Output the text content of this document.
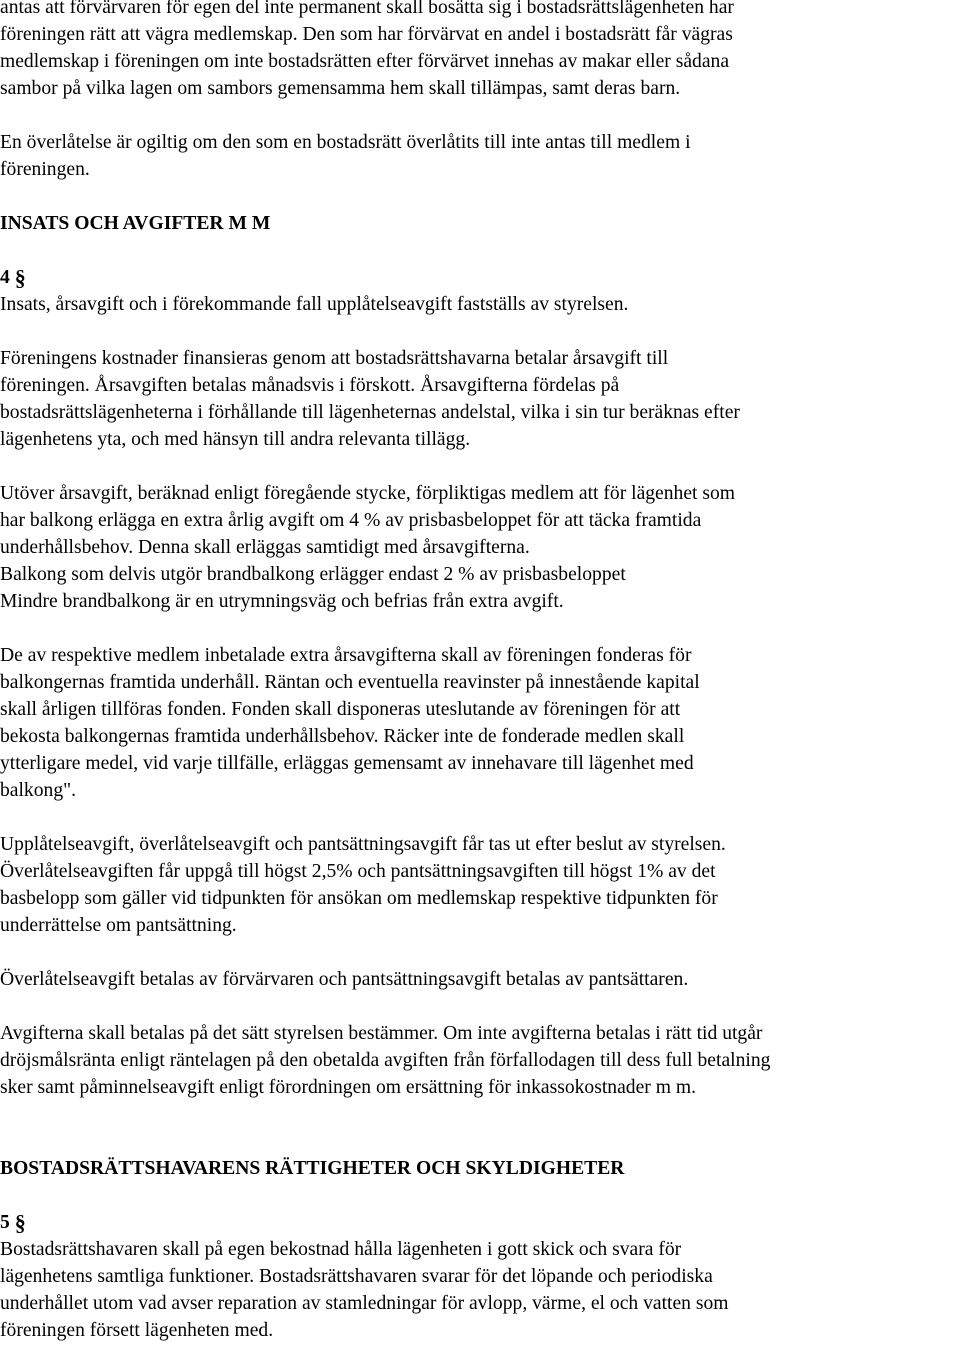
antas att förvärvaren för egen del inte permanent skall bosätta sig i bostadsrättslägenheten har
föreningen rätt att vägra medlemskap. Den som har förvärvat en andel i bostadsrätt får vägras
medlemskap i föreningen om inte bostadsrätten efter förvärvet innehas av makar eller sådana
sambor på vilka lagen om sambors gemensamma hem skall tillämpas, samt deras barn.

En överlåtelse är ogiltig om den som en bostadsrätt överlåtits till inte antas till medlem i
föreningen.

INSATS OCH AVGIFTER M M

4 §

Insats, årsavgift och i förekommande fall upplåtelseavgift fastställs av styrelsen.

Föreningens kostnader finansieras genom att bostadsrättshavarna betalar årsavgift till
föreningen. Årsavgiften betalas månadsvis i förskott. Årsavgifterna fördelas på
bostadsrättslägenheterna i förhållande till lägenheternas andelstal, vilka i sin tur beräknas efter
lägenhetens yta, och med hänsyn till andra relevanta tillägg.

Utöver årsavgift, beräknad enligt föregående stycke, förpliktigas medlem att för lägenhet som
har balkong erlägga en extra årlig avgift om 4 % av prisbasbeloppet för att täcka framtida
underhållsbehov. Denna skall erläggas samtidigt med årsavgifterna.
Balkong som delvis utgör brandbalkong erlägger endast 2 % av prisbasbeloppet
Mindre brandbalkong är en utrymningsväg och befrias från extra avgift.

De av respektive medlem inbetalade extra årsavgifterna skall av föreningen fonderas för
balkongernas framtida underhåll. Räntan och eventuella reavinster på innestående kapital
skall årligen tillföras fonden. Fonden skall disponeras uteslutande av föreningen för att
bekosta balkongernas framtida underhållsbehov. Räcker inte de fonderade medlen skall
ytterligare medel, vid varje tillfälle, erläggas gemensamt av innehavare till lägenhet med
balkong".

Upplåtelseavgift, överlåtelseavgift och pantsättningsavgift får tas ut efter beslut av styrelsen.
Överlåtelseavgiften får uppgå till högst 2,5% och pantsättningsavgiften till högst 1% av det
basbelopp som gäller vid tidpunkten för ansökan om medlemskap respektive tidpunkten för
underrättelse om pantsättning.

Överlåtelseavgift betalas av förvärvaren och pantsättningsavgift betalas av pantsättaren.

Avgifterna skall betalas på det sätt styrelsen bestämmer. Om inte avgifterna betalas i rätt tid utgår
dröjsmålsränta enligt räntelagen på den obetalda avgiften från förfallodagen till dess full betalning
sker samt påminnelseavgift enligt förordningen om ersättning för inkassokostnader m m.

BOSTADSRÄTTSHAVARENS RÄTTIGHETER OCH SKYLDIGHETER

5 §

Bostadsrättshavaren skall på egen bekostnad hålla lägenheten i gott skick och svara för
lägenhetens samtliga funktioner. Bostadsrättshavaren svarar för det löpande och periodiska
underhållet utom vad avser reparation av stamledningar för avlopp, värme, el och vatten som
föreningen försett lägenheten med.
